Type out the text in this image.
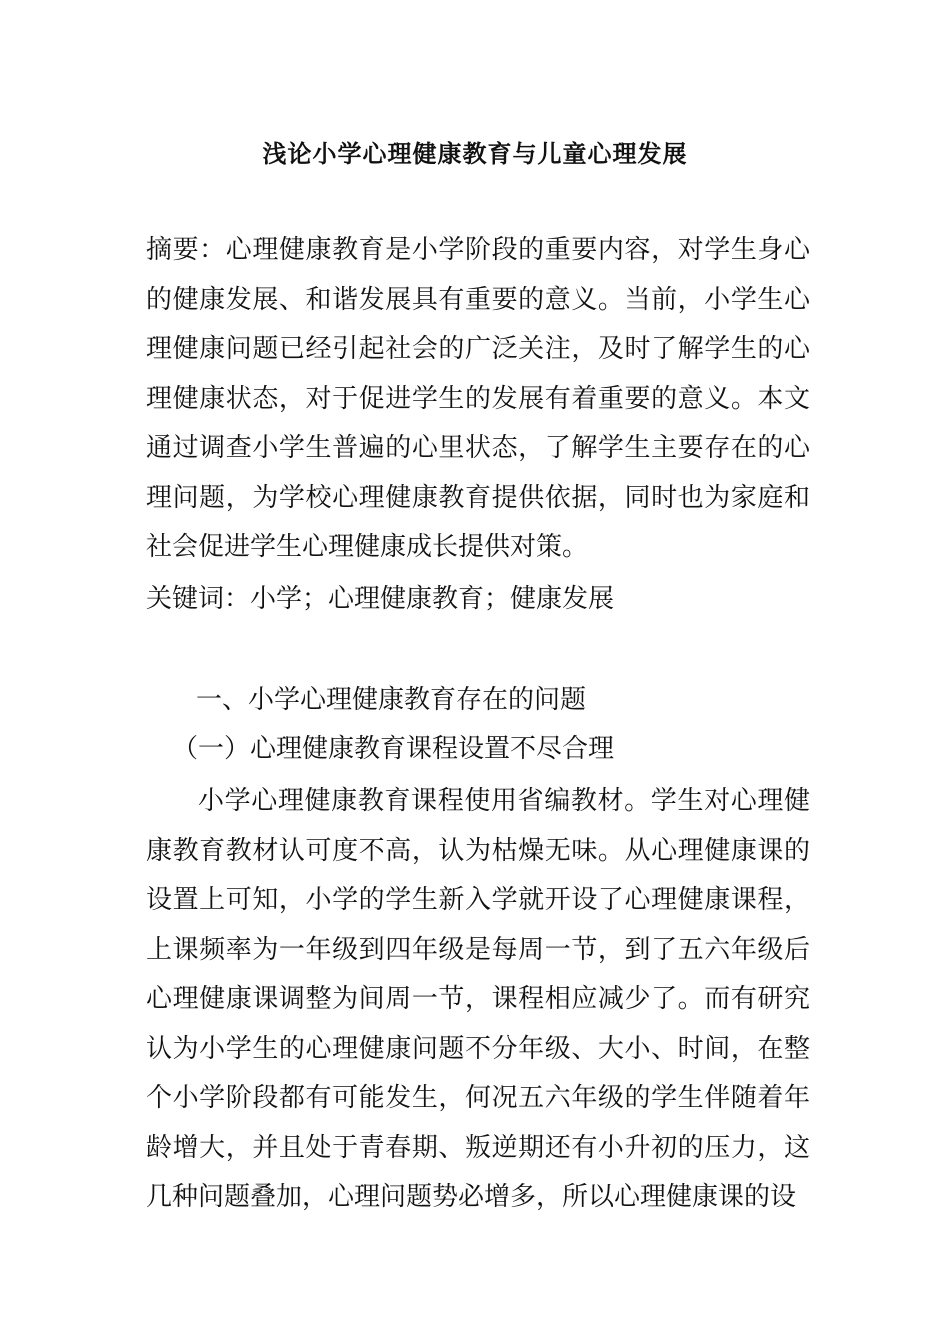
浅论小学心理健康教育与儿童心理发展
摘要：心理健康教育是小学阶段的重要内容，对学生身心的健康发展、和谐发展具有重要的意义。当前，小学生心理健康问题已经引起社会的广泛关注，及时了解学生的心理健康状态，对于促进学生的发展有着重要的意义。本文通过调查小学生普遍的心里状态，了解学生主要存在的心理问题，为学校心理健康教育提供依据，同时也为家庭和社会促进学生心理健康成长提供对策。
关键词：小学；心理健康教育；健康发展
一、小学心理健康教育存在的问题
（一）心理健康教育课程设置不尽合理
小学心理健康教育课程使用省编教材。学生对心理健康教育教材认可度不高，认为枯燥无味。从心理健康课的设置上可知，小学的学生新入学就开设了心理健康课程，上课频率为一年级到四年级是每周一节，到了五六年级后心理健康课调整为间周一节，课程相应减少了。而有研究认为小学生的心理健康问题不分年级、大小、时间，在整个小学阶段都有可能发生，何况五六年级的学生伴随着年龄增大，并且处于青春期、叛逆期还有小升初的压力，这几种问题叠加，心理问题势必增多，所以心理健康课的设
